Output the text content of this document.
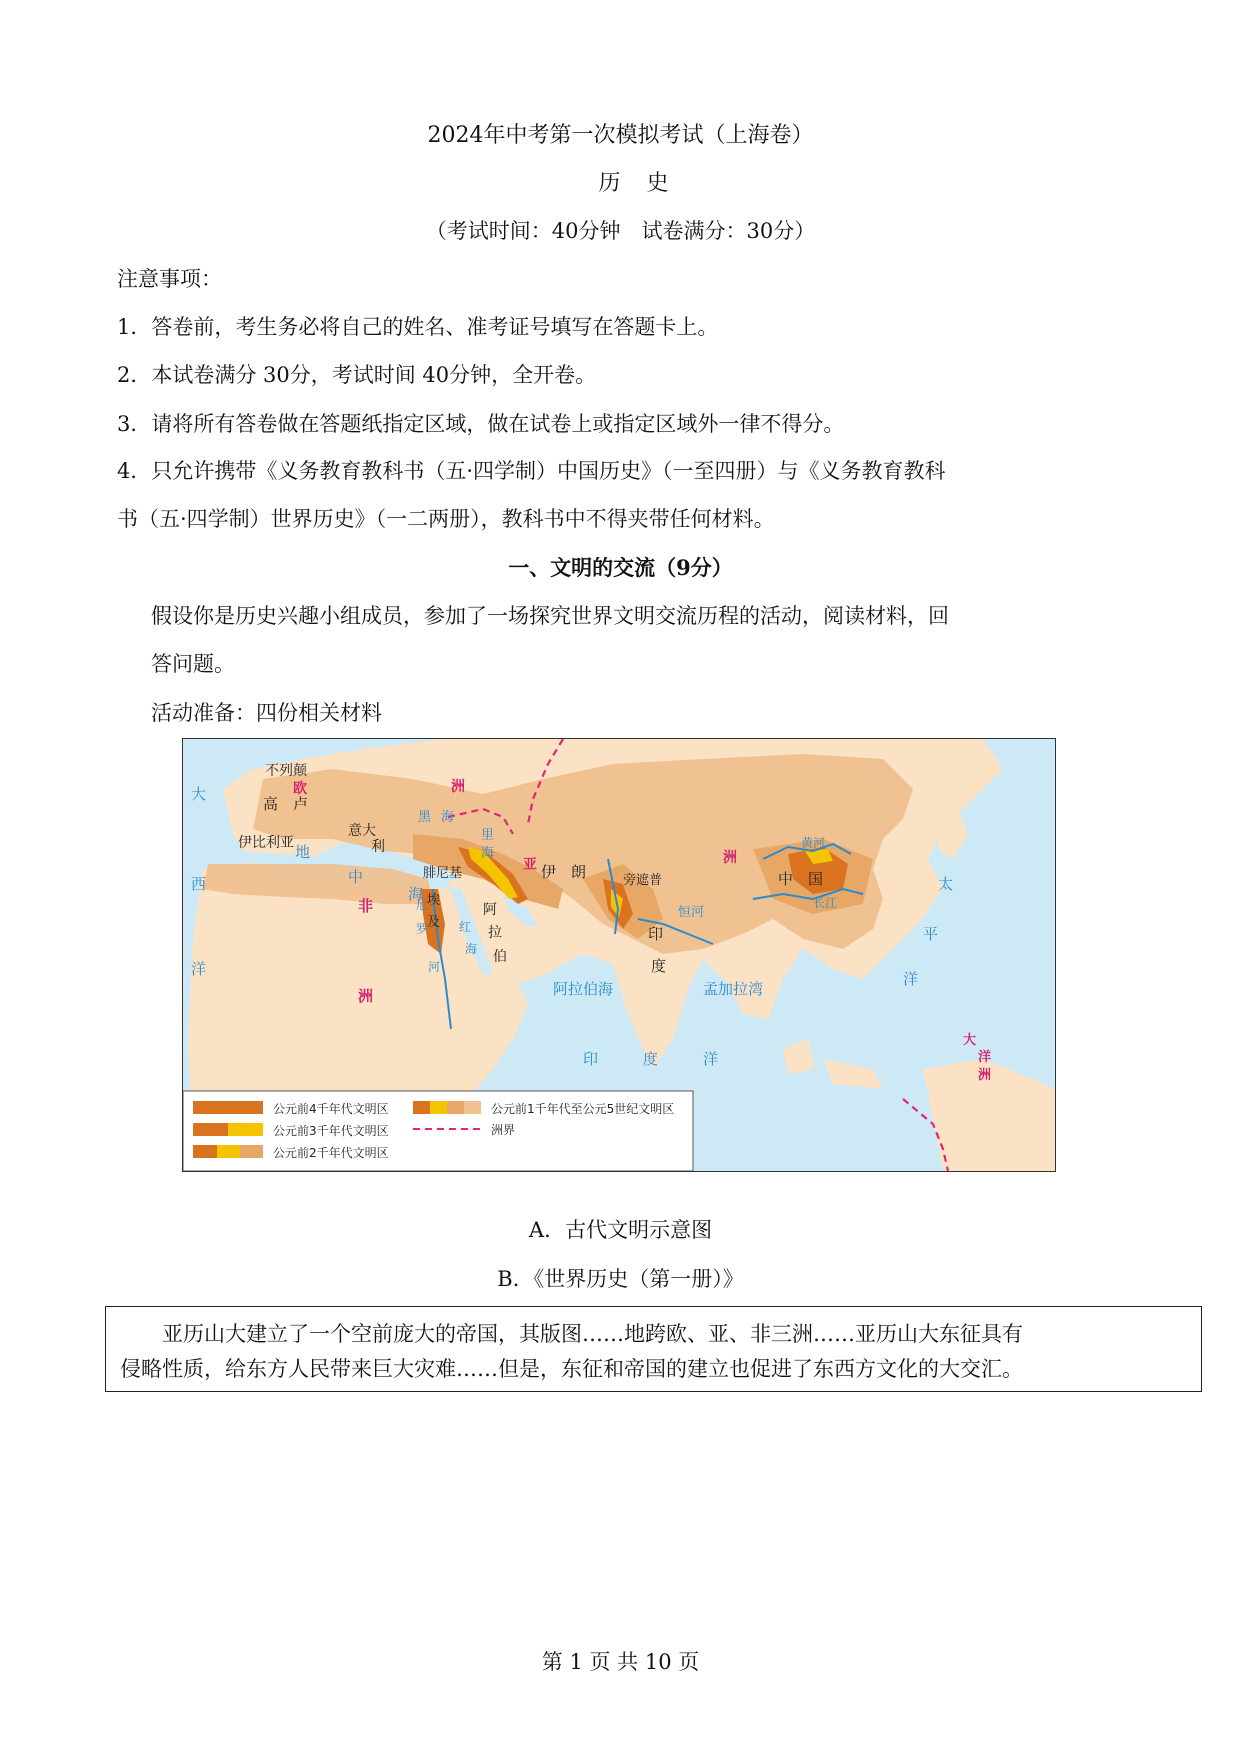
2024年中考第一次模拟考试（上海卷）
历史
（考试时间：40分钟　试卷满分：30分）
注意事项：
1．答卷前，考生务必将自己的姓名、准考证号填写在答题卡上。
2．本试卷满分 30分，考试时间 40分钟，全开卷。
3．请将所有答卷做在答题纸指定区域，做在试卷上或指定区域外一律不得分。
4．只允许携带《义务教育教科书（五·四学制）中国历史》（一至四册）与《义务教育教科
书（五·四学制）世界历史》（一二两册），教科书中不得夹带任何材料。
一、文明的交流（9分）
假设你是历史兴趣小组成员，参加了一场探究世界文明交流历程的活动，阅读材料，回
答问题。
活动准备：四份相关材料
不列颠
欧
高　卢
洲
伊比利亚
意大
利
地
中
海
黑 海
里
海
腓尼基
亚 伊　朗	旁遮普
洲
阿
拉
伯
埃
及
尼
罗
河
红
海
非
洲
大
西
洋
阿拉伯海	孟加拉湾
印	度	洋
印
度
恒河
中　国
黄河
长江
太
平
洋
大
洋
洲
公元前4千年代文明区
公元前3千年代文明区
公元前2千年代文明区
公元前1千年代至公元5世纪文明区
洲界
A．古代文明示意图
B．《世界历史（第一册）》
亚历山大建立了一个空前庞大的帝国，其版图……地跨欧、亚、非三洲……亚历山大东征具有
侵略性质，给东方人民带来巨大灾难……但是，东征和帝国的建立也促进了东西方文化的大交汇。
第 1 页 共 10 页
